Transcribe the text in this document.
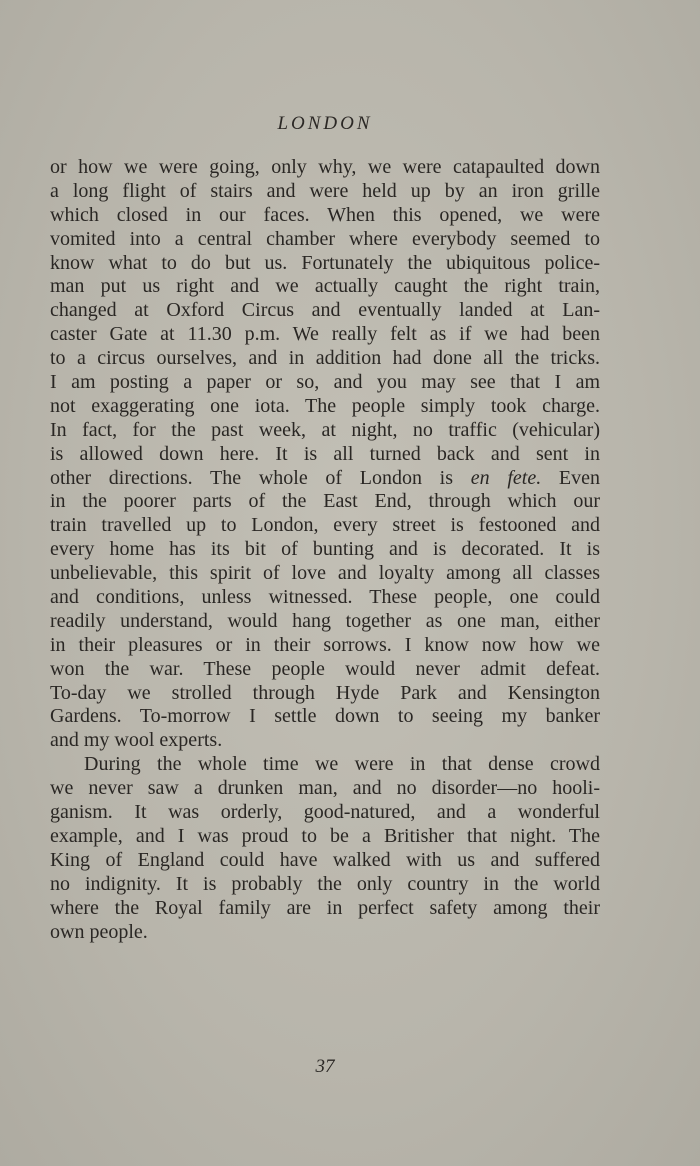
LONDON
or how we were going, only why, we were catapaulted down
a long flight of stairs and were held up by an iron grille
which closed in our faces. When this opened, we were
vomited into a central chamber where everybody seemed to
know what to do but us. Fortunately the ubiquitous police-
man put us right and we actually caught the right train,
changed at Oxford Circus and eventually landed at Lan-
caster Gate at 11.30 p.m. We really felt as if we had been
to a circus ourselves, and in addition had done all the tricks.
I am posting a paper or so, and you may see that I am
not exaggerating one iota. The people simply took charge.
In fact, for the past week, at night, no traffic (vehicular)
is allowed down here. It is all turned back and sent in
other directions. The whole of London is en fete. Even
in the poorer parts of the East End, through which our
train travelled up to London, every street is festooned and
every home has its bit of bunting and is decorated. It is
unbelievable, this spirit of love and loyalty among all classes
and conditions, unless witnessed. These people, one could
readily understand, would hang together as one man, either
in their pleasures or in their sorrows. I know now how we
won the war. These people would never admit defeat.
To-day we strolled through Hyde Park and Kensington
Gardens. To-morrow I settle down to seeing my banker
and my wool experts.
During the whole time we were in that dense crowd
we never saw a drunken man, and no disorder—no hooli-
ganism. It was orderly, good-natured, and a wonderful
example, and I was proud to be a Britisher that night. The
King of England could have walked with us and suffered
no indignity. It is probably the only country in the world
where the Royal family are in perfect safety among their
own people.
37
